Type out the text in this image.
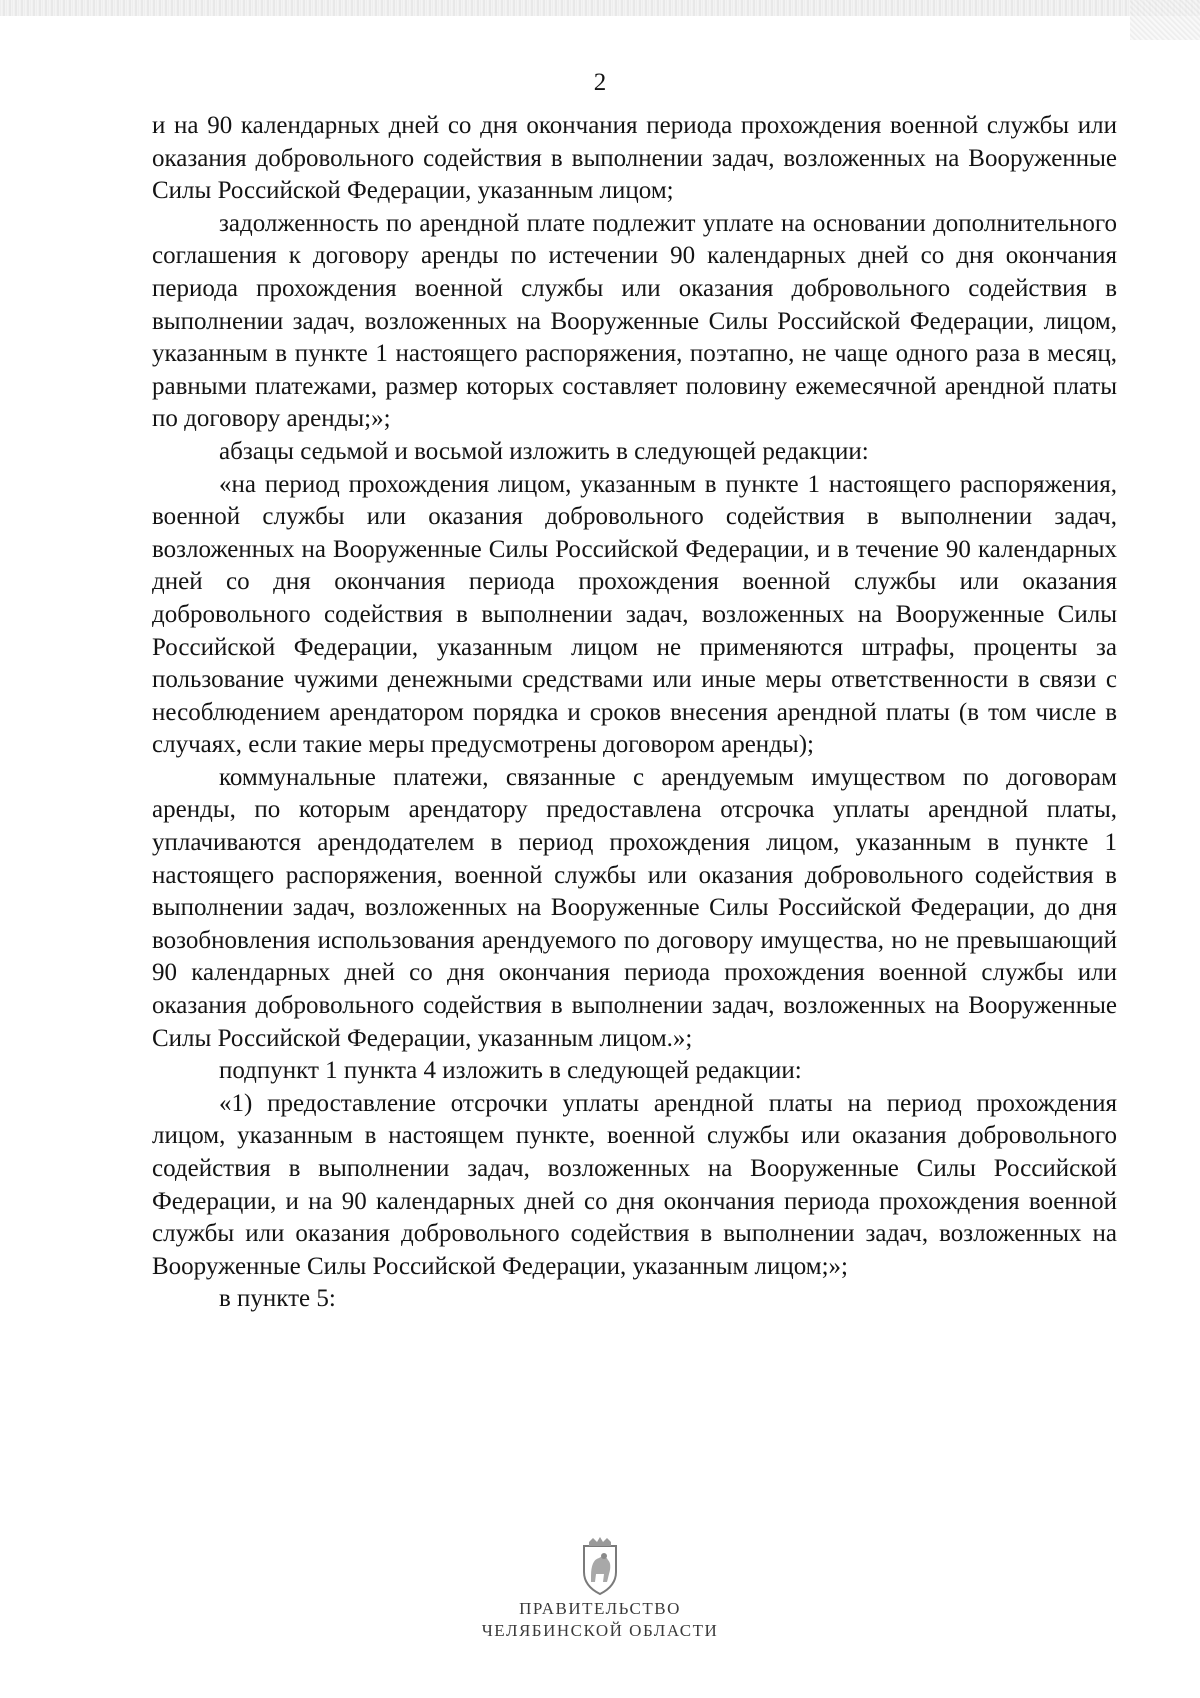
2

и на 90 календарных дней со дня окончания периода прохождения военной службы или оказания добровольного содействия в выполнении задач, возложенных на Вооруженные Силы Российской Федерации, указанным лицом;

задолженность по арендной плате подлежит уплате на основании дополнительного соглашения к договору аренды по истечении 90 календарных дней со дня окончания периода прохождения военной службы или оказания добровольного содействия в выполнении задач, возложенных на Вооруженные Силы Российской Федерации, лицом, указанным в пункте 1 настоящего распоряжения, поэтапно, не чаще одного раза в месяц, равными платежами, размер которых составляет половину ежемесячной арендной платы по договору аренды;»;

абзацы седьмой и восьмой изложить в следующей редакции:

«на период прохождения лицом, указанным в пункте 1 настоящего распоряжения, военной службы или оказания добровольного содействия в выполнении задач, возложенных на Вооруженные Силы Российской Федерации, и в течение 90 календарных дней со дня окончания периода прохождения военной службы или оказания добровольного содействия в выполнении задач, возложенных на Вооруженные Силы Российской Федерации, указанным лицом не применяются штрафы, проценты за пользование чужими денежными средствами или иные меры ответственности в связи с несоблюдением арендатором порядка и сроков внесения арендной платы (в том числе в случаях, если такие меры предусмотрены договором аренды);

коммунальные платежи, связанные с арендуемым имуществом по договорам аренды, по которым арендатору предоставлена отсрочка уплаты арендной платы, уплачиваются арендодателем в период прохождения лицом, указанным в пункте 1 настоящего распоряжения, военной службы или оказания добровольного содействия в выполнении задач, возложенных на Вооруженные Силы Российской Федерации, до дня возобновления использования арендуемого по договору имущества, но не превышающий 90 календарных дней со дня окончания периода прохождения военной службы или оказания добровольного содействия в выполнении задач, возложенных на Вооруженные Силы Российской Федерации, указанным лицом.»;

подпункт 1 пункта 4 изложить в следующей редакции:

«1) предоставление отсрочки уплаты арендной платы на период прохождения лицом, указанным в настоящем пункте, военной службы или оказания добровольного содействия в выполнении задач, возложенных на Вооруженные Силы Российской Федерации, и на 90 календарных дней со дня окончания периода прохождения военной службы или оказания добровольного содействия в выполнении задач, возложенных на Вооруженные Силы Российской Федерации, указанным лицом;»;

в пункте 5:

ПРАВИТЕЛЬСТВО
ЧЕЛЯБИНСКОЙ ОБЛАСТИ
